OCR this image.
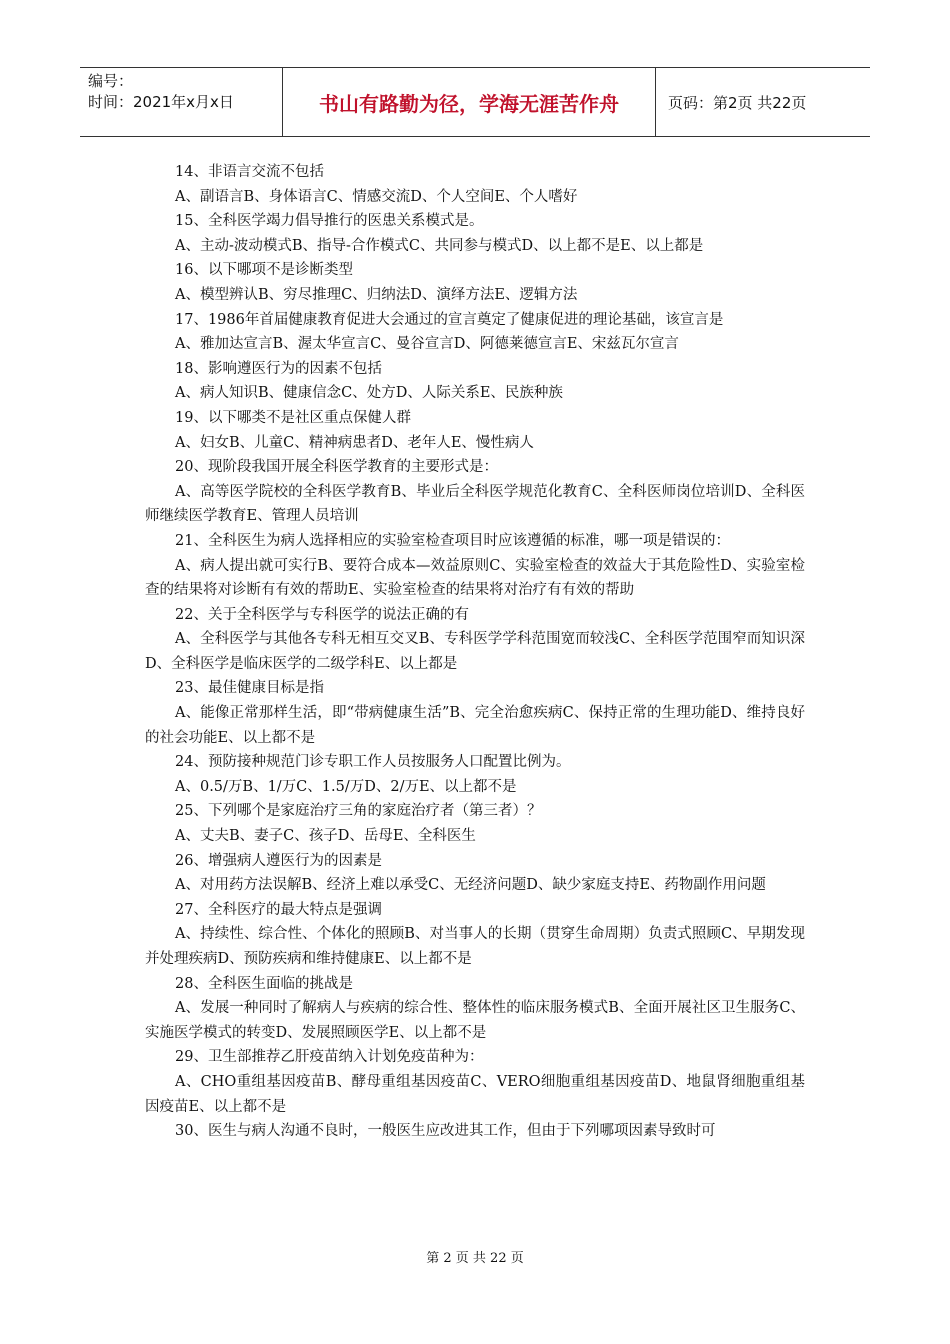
编号：
时间：2021年x月x日	书山有路勤为径，学海无涯苦作舟	页码：第2页 共22页

14、非语言交流不包括

A、副语言B、身体语言C、情感交流D、个人空间E、个人嗜好

15、全科医学竭力倡导推行的医患关系模式是。

A、主动-波动模式B、指导-合作模式C、共同参与模式D、以上都不是E、以上都是

16、以下哪项不是诊断类型

A、模型辨认B、穷尽推理C、归纳法D、演绎方法E、逻辑方法

17、1986年首届健康教育促进大会通过的宣言奠定了健康促进的理论基础，该宣言是

A、雅加达宣言B、渥太华宣言C、曼谷宣言D、阿德莱德宣言E、宋兹瓦尔宣言

18、影响遵医行为的因素不包括

A、病人知识B、健康信念C、处方D、人际关系E、民族种族

19、以下哪类不是社区重点保健人群

A、妇女B、儿童C、精神病患者D、老年人E、慢性病人

20、现阶段我国开展全科医学教育的主要形式是：

A、高等医学院校的全科医学教育B、毕业后全科医学规范化教育C、全科医师岗位培训D、全科医师继续医学教育E、管理人员培训

21、全科医生为病人选择相应的实验室检查项目时应该遵循的标准，哪一项是错误的：

A、病人提出就可实行B、要符合成本—效益原则C、实验室检查的效益大于其危险性D、实验室检查的结果将对诊断有有效的帮助E、实验室检查的结果将对治疗有有效的帮助

22、关于全科医学与专科医学的说法正确的有

A、全科医学与其他各专科无相互交叉B、专科医学学科范围宽而较浅C、全科医学范围窄而知识深D、全科医学是临床医学的二级学科E、以上都是

23、最佳健康目标是指

A、能像正常那样生活，即“带病健康生活”B、完全治愈疾病C、保持正常的生理功能D、维持良好的社会功能E、以上都不是

24、预防接种规范门诊专职工作人员按服务人口配置比例为。

A、0.5/万B、1/万C、1.5/万D、2/万E、以上都不是

25、下列哪个是家庭治疗三角的家庭治疗者（第三者）？

A、丈夫B、妻子C、孩子D、岳母E、全科医生

26、增强病人遵医行为的因素是

A、对用药方法误解B、经济上难以承受C、无经济问题D、缺少家庭支持E、药物副作用问题

27、全科医疗的最大特点是强调

A、持续性、综合性、个体化的照顾B、对当事人的长期（贯穿生命周期）负责式照顾C、早期发现并处理疾病D、预防疾病和维持健康E、以上都不是

28、全科医生面临的挑战是

A、发展一种同时了解病人与疾病的综合性、整体性的临床服务模式B、全面开展社区卫生服务C、实施医学模式的转变D、发展照顾医学E、以上都不是

29、卫生部推荐乙肝疫苗纳入计划免疫苗种为：

A、CHO重组基因疫苗B、酵母重组基因疫苗C、VERO细胞重组基因疫苗D、地鼠肾细胞重组基因疫苗E、以上都不是

30、医生与病人沟通不良时，一般医生应改进其工作，但由于下列哪项因素导致时可

第 2 页 共 22 页
